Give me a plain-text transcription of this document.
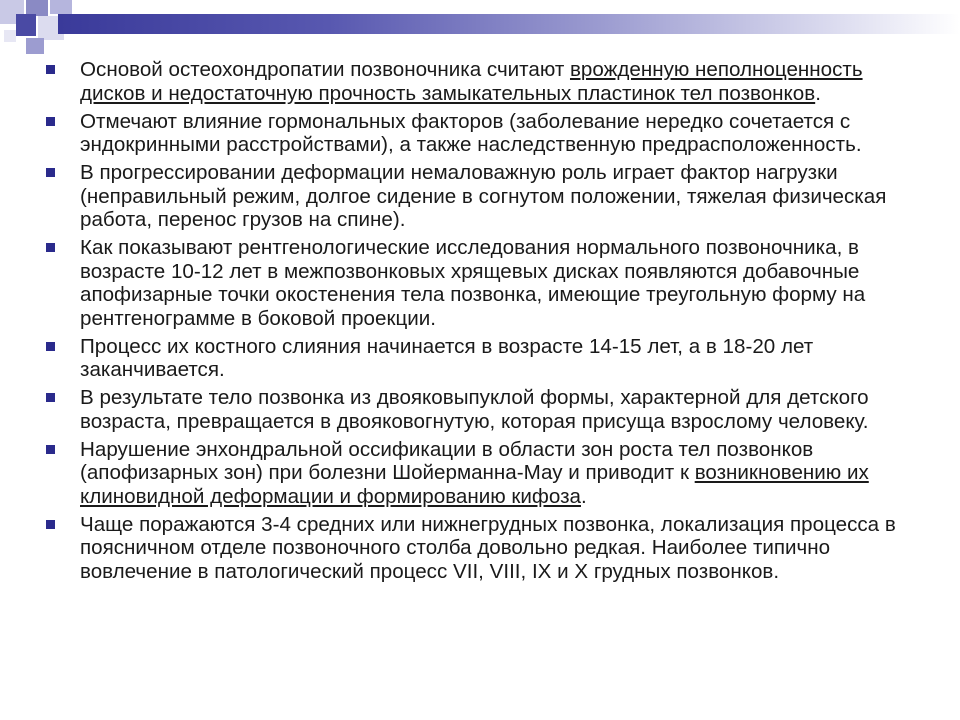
Основой остеохондропатии позвоночника считают врожденную неполноценность дисков и недостаточную прочность замыкательных пластинок тел позвонков.
Отмечают влияние гормональных факторов (заболевание нередко сочетается с эндокринными расстройствами), а также наследственную предрасположенность.
В прогрессировании деформации немаловажную роль играет фактор нагрузки (неправильный режим, долгое сидение в согнутом положении, тяжелая физическая работа, перенос грузов на спине).
Как показывают рентгенологические исследования нормального позвоночника, в возрасте 10-12 лет в межпозвонковых хрящевых дисках появляются добавочные апофизарные точки окостенения тела позвонка, имеющие треугольную форму на рентгенограмме в боковой проекции.
Процесс их костного слияния начинается в возрасте 14-15 лет, а в 18-20 лет заканчивается.
В результате тело позвонка из двояковыпуклой формы, характерной для детского возраста, превращается в двояковогнутую, которая присуща взрослому человеку.
Нарушение энхондральной оссификации в области зон роста тел позвонков (апофизарных зон) при болезни Шойерманна-Мау и приводит к возникновению их клиновидной деформации и формированию кифоза.
Чаще поражаются 3-4 средних или нижнегрудных позвонка, локализация процесса в поясничном отделе позвоночного столба довольно редкая. Наиболее типично вовлечение в патологический процесс VII, VIII, IX и X грудных позвонков.
